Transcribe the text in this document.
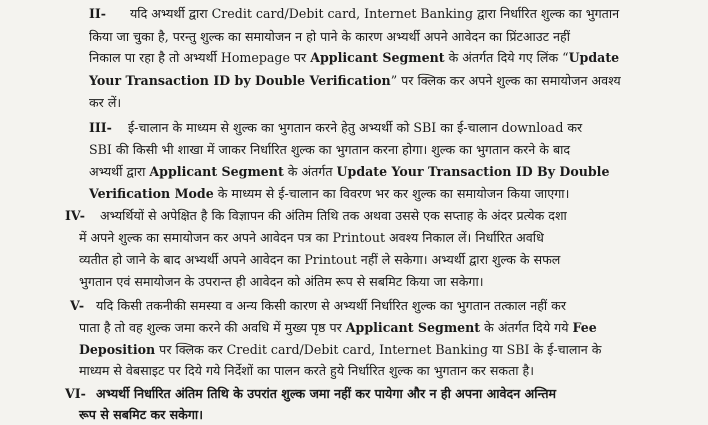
II- यदि अभ्यर्थी द्वारा Credit card/Debit card, Internet Banking द्वारा निर्धारित शुल्क का भुगतान
किया जा चुका है, परन्तु शुल्क का समायोजन न हो पाने के कारण अभ्यर्थी अपने आवेदन का प्रिंटआउट नहीं
निकाल पा रहा है तो अभ्यर्थी Homepage पर Applicant Segment के अंतर्गत दिये गए लिंक “Update
Your Transaction ID by Double Verification” पर क्लिक कर अपने शुल्क का समायोजन अवश्य
कर लें।
III- ई-चालान के माध्यम से शुल्क का भुगतान करने हेतु अभ्यर्थी को SBI का ई-चालान download कर
SBI की किसी भी शाखा में जाकर निर्धारित शुल्क का भुगतान करना होगा। शुल्क का भुगतान करने के बाद
अभ्यर्थी द्वारा Applicant Segment के अंतर्गत Update Your Transaction ID By Double
Verification Mode के माध्यम से ई-चालान का विवरण भर कर शुल्क का समायोजन किया जाएगा।
IV- अभ्यर्थियों से अपेक्षित है कि विज्ञापन की अंतिम तिथि तक अथवा उससे एक सप्ताह के अंदर प्रत्येक दशा
में अपने शुल्क का समायोजन कर अपने आवेदन पत्र का Printout अवश्य निकाल लें। निर्धारित अवधि
व्यतीत हो जाने के बाद अभ्यर्थी अपने आवेदन का Printout नहीं ले सकेगा। अभ्यर्थी द्वारा शुल्क के सफल
भुगतान एवं समायोजन के उपरान्त ही आवेदन को अंतिम रूप से सबमिट किया जा सकेगा।
V- यदि किसी तकनीकी समस्या व अन्य किसी कारण से अभ्यर्थी निर्धारित शुल्क का भुगतान तत्काल नहीं कर
पाता है तो वह शुल्क जमा करने की अवधि में मुख्य पृष्ठ पर Applicant Segment के अंतर्गत दिये गये Fee
Deposition पर क्लिक कर Credit card/Debit card, Internet Banking या SBI के ई-चालान के
माध्यम से वेबसाइट पर दिये गये निर्देशों का पालन करते हुये निर्धारित शुल्क का भुगतान कर सकता है।
VI- अभ्यर्थी निर्धारित अंतिम तिथि के उपरांत शुल्क जमा नहीं कर पायेगा और न ही अपना आवेदन अन्तिम
रूप से सबमिट कर सकेगा।
